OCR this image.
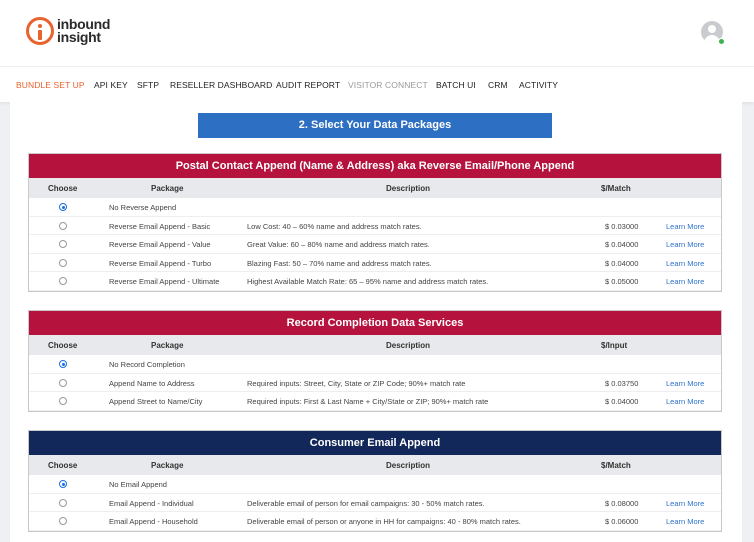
inbound
insight
BUNDLE SET UP API KEY SFTP RESELLER DASHBOARD AUDIT REPORT VISITOR CONNECT BATCH UI CRM ACTIVITY
2. Select Your Data Packages
Postal Contact Append (Name & Address) aka Reverse Email/Phone Append
Choose	Package	Description	$/Match
No Reverse Append
Reverse Email Append - Basic	Low Cost: 40 – 60% name and address match rates.	$ 0.03000	Learn More
Reverse Email Append - Value	Great Value: 60 – 80% name and address match rates.	$ 0.04000	Learn More
Reverse Email Append - Turbo	Blazing Fast: 50 – 70% name and address match rates.	$ 0.04000	Learn More
Reverse Email Append - Ultimate	Highest Available Match Rate: 65 – 95% name and address match rates.	$ 0.05000	Learn More
Record Completion Data Services
Choose	Package	Description	$/Input
No Record Completion
Append Name to Address	Required inputs: Street, City, State or ZIP Code; 90%+ match rate	$ 0.03750	Learn More
Append Street to Name/City	Required inputs: First & Last Name + City/State or ZIP; 90%+ match rate	$ 0.04000	Learn More
Consumer Email Append
Choose	Package	Description	$/Match
No Email Append
Email Append - Individual	Deliverable email of person for email campaigns: 30 - 50% match rates.	$ 0.08000	Learn More
Email Append - Household	Deliverable email of person or anyone in HH for campaigns: 40 - 80% match rates.	$ 0.06000	Learn More
